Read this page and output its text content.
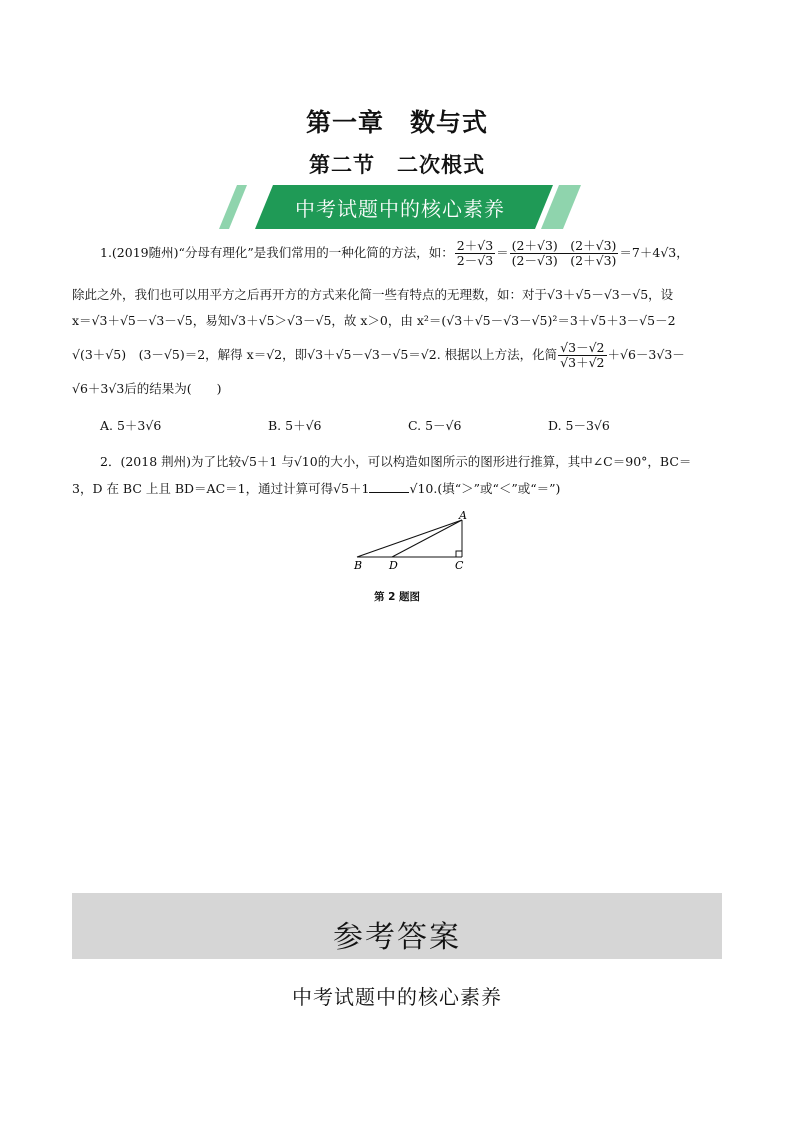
第一章　数与式
第二节　二次根式
中考试题中的核心素养
1.(2019随州)“分母有理化”是我们常用的一种化简的方法，如： $\frac{2+√3}{2-√3} = \frac{(2+√3) (2+√3)}{(2-√3) (2+√3)} =7+4√3$，
除此之外，我们也可以用平方之后再开方的方式来化简一些有特点的无理数，如：对于√3＋√5－√3－√5，设
x＝√3＋√5－√3－√5，易知√3＋√5＞√3－√5，故 x＞0，由 x²＝(√3＋√5－√3－√5)²＝3＋√5＋3－√5－2
√(3＋√5)　(3－√5)＝2，解得 x＝√2，即√3＋√5－√3－√5＝√2. 根据以上方法，化简 $\frac{√3-√2}{√3+√2} +√6-3√3-$
√6＋3√3后的结果为(　　)
A. 5＋3√6	B. 5＋√6	C. 5－√6	D. 5－3√6
2．(2018 荆州)为了比较√5＋1 与√10的大小，可以构造如图所示的图形进行推算，其中∠C＝90°，BC＝
3，D 在 BC 上且 BD＝AC＝1，通过计算可得√5＋1	√10.(填“＞”或“＜”或“＝”)
A
B D	C
第 2 题图
参考答案
中考试题中的核心素养
